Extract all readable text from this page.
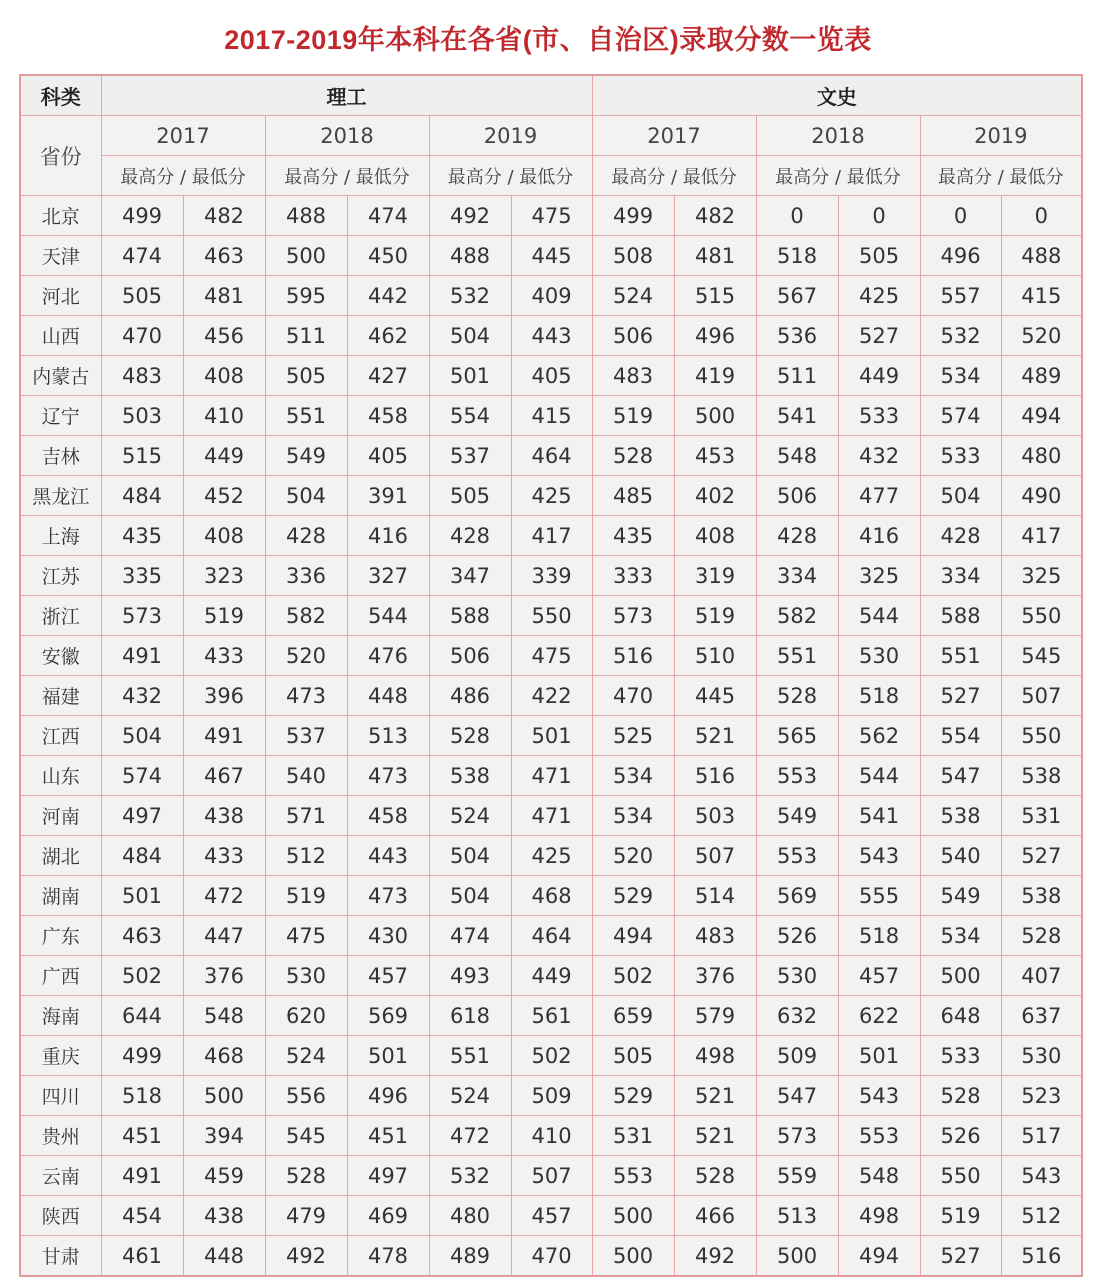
2017-2019年本科在各省(市、自治区)录取分数一览表
科类	理工						文史					
省份	2017		2018		2019		2017		2018		2019	
	最高分 / 最低分		最高分 / 最低分		最高分 / 最低分		最高分 / 最低分		最高分 / 最低分		最高分 / 最低分	
北京	499	482	488	474	492	475	499	482	0	0	0	0
天津	474	463	500	450	488	445	508	481	518	505	496	488
河北	505	481	595	442	532	409	524	515	567	425	557	415
山西	470	456	511	462	504	443	506	496	536	527	532	520
内蒙古	483	408	505	427	501	405	483	419	511	449	534	489
辽宁	503	410	551	458	554	415	519	500	541	533	574	494
吉林	515	449	549	405	537	464	528	453	548	432	533	480
黑龙江	484	452	504	391	505	425	485	402	506	477	504	490
上海	435	408	428	416	428	417	435	408	428	416	428	417
江苏	335	323	336	327	347	339	333	319	334	325	334	325
浙江	573	519	582	544	588	550	573	519	582	544	588	550
安徽	491	433	520	476	506	475	516	510	551	530	551	545
福建	432	396	473	448	486	422	470	445	528	518	527	507
江西	504	491	537	513	528	501	525	521	565	562	554	550
山东	574	467	540	473	538	471	534	516	553	544	547	538
河南	497	438	571	458	524	471	534	503	549	541	538	531
湖北	484	433	512	443	504	425	520	507	553	543	540	527
湖南	501	472	519	473	504	468	529	514	569	555	549	538
广东	463	447	475	430	474	464	494	483	526	518	534	528
广西	502	376	530	457	493	449	502	376	530	457	500	407
海南	644	548	620	569	618	561	659	579	632	622	648	637
重庆	499	468	524	501	551	502	505	498	509	501	533	530
四川	518	500	556	496	524	509	529	521	547	543	528	523
贵州	451	394	545	451	472	410	531	521	573	553	526	517
云南	491	459	528	497	532	507	553	528	559	548	550	543
陕西	454	438	479	469	480	457	500	466	513	498	519	512
甘肃	461	448	492	478	489	470	500	492	500	494	527	516
